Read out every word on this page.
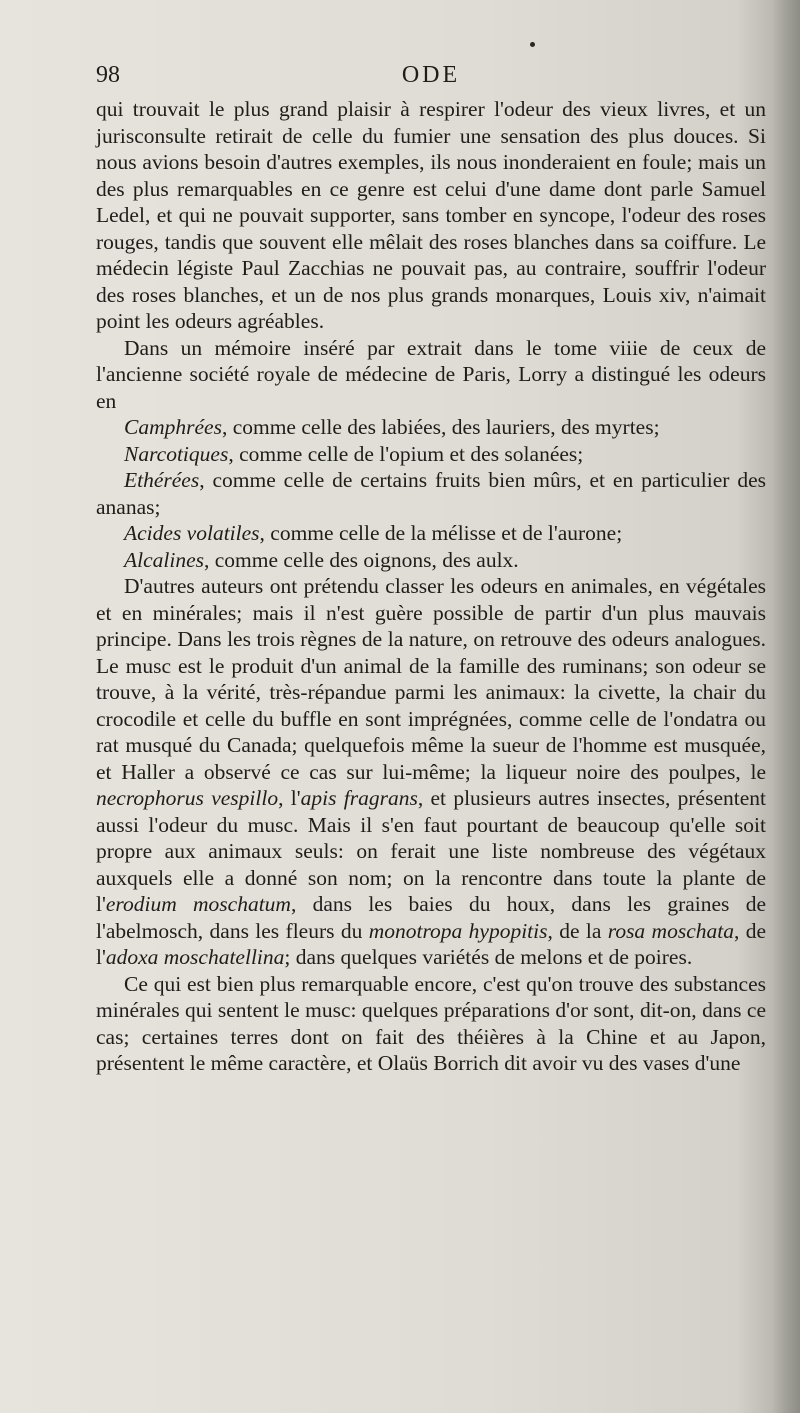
98	ODE

qui trouvait le plus grand plaisir à respirer l'odeur des vieux livres, et un jurisconsulte retirait de celle du fumier une sensation des plus douces. Si nous avions besoin d'autres exemples, ils nous inonderaient en foule; mais un des plus remarquables en ce genre est celui d'une dame dont parle Samuel Ledel, et qui ne pouvait supporter, sans tomber en syncope, l'odeur des roses rouges, tandis que souvent elle mêlait des roses blanches dans sa coiffure. Le médecin légiste Paul Zacchias ne pouvait pas, au contraire, souffrir l'odeur des roses blanches, et un de nos plus grands monarques, Louis xiv, n'aimait point les odeurs agréables.

Dans un mémoire inséré par extrait dans le tome viiie de ceux de l'ancienne société royale de médecine de Paris, Lorry a distingué les odeurs en

Camphrées, comme celle des labiées, des lauriers, des myrtes;

Narcotiques, comme celle de l'opium et des solanées;

Ethérées, comme celle de certains fruits bien mûrs, et en particulier des ananas;

Acides volatiles, comme celle de la mélisse et de l'aurone;

Alcalines, comme celle des oignons, des aulx.

D'autres auteurs ont prétendu classer les odeurs en animales, en végétales et en minérales; mais il n'est guère possible de partir d'un plus mauvais principe. Dans les trois règnes de la nature, on retrouve des odeurs analogues. Le musc est le produit d'un animal de la famille des ruminans; son odeur se trouve, à la vérité, très-répandue parmi les animaux: la civette, la chair du crocodile et celle du buffle en sont imprégnées, comme celle de l'ondatra ou rat musqué du Canada; quelquefois même la sueur de l'homme est musquée, et Haller a observé ce cas sur lui-même; la liqueur noire des poulpes, le necrophorus vespillo, l'apis fragrans, et plusieurs autres insectes, présentent aussi l'odeur du musc. Mais il s'en faut pourtant de beaucoup qu'elle soit propre aux animaux seuls: on ferait une liste nombreuse des végétaux auxquels elle a donné son nom; on la rencontre dans toute la plante de l'erodium moschatum, dans les baies du houx, dans les graines de l'abelmosch, dans les fleurs du monotropa hypopitis, de la rosa moschata, de l'adoxa moschatellina; dans quelques variétés de melons et de poires.

Ce qui est bien plus remarquable encore, c'est qu'on trouve des substances minérales qui sentent le musc: quelques préparations d'or sont, dit-on, dans ce cas; certaines terres dont on fait des théières à la Chine et au Japon, présentent le même caractère, et Olaüs Borrich dit avoir vu des vases d'une
